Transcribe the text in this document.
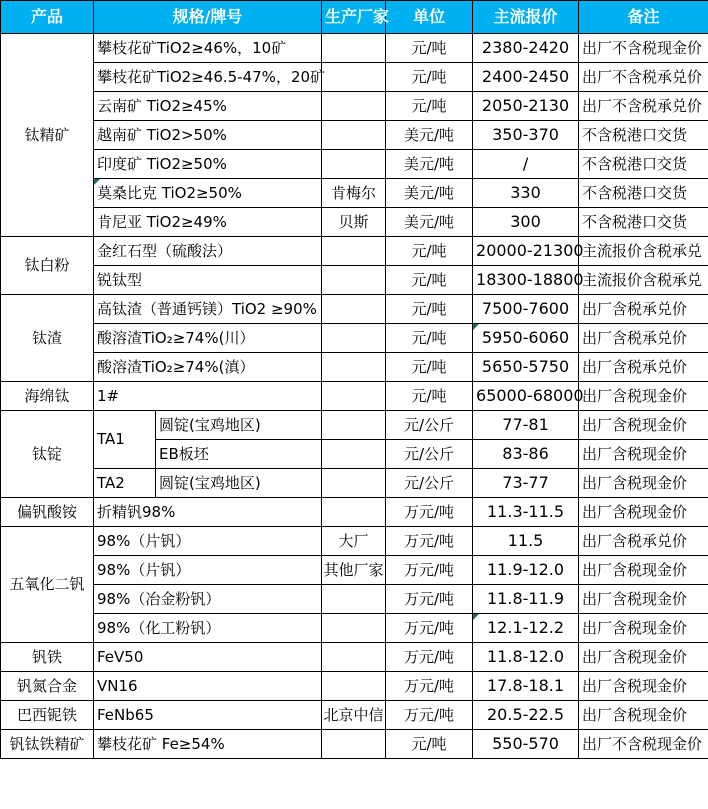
产品	规格/牌号		生产厂家	单位	主流报价	备注
钛精矿	攀枝花矿TiO2≥46%，10矿			元/吨	2380-2420	出厂不含税现金价
	攀枝花矿TiO2≥46.5-47%，20矿			元/吨	2400-2450	出厂不含税承兑价
	云南矿 TiO2≥45%			元/吨	2050-2130	出厂不含税承兑价
	越南矿 TiO2>50%			美元/吨	350-370	不含税港口交货
	印度矿 TiO2≥50%			美元/吨	/	不含税港口交货
	莫桑比克 TiO2≥50%		肯梅尔	美元/吨	330	不含税港口交货
	肯尼亚 TiO2≥49%		贝斯	美元/吨	300	不含税港口交货
钛白粉	金红石型（硫酸法）			元/吨	20000-21300	主流报价含税承兑
	锐钛型			元/吨	18300-18800	主流报价含税承兑
钛渣	高钛渣（普通钙镁）TiO2 ≥90%			元/吨	7500-7600	出厂含税承兑价
	酸溶渣TiO₂≥74%(川）			元/吨	5950-6060	出厂含税承兑价
	酸溶渣TiO₂≥74%(滇）			元/吨	5650-5750	出厂含税承兑价
海绵钛	1#			元/吨	65000-68000	出厂含税现金价
钛锭	TA1	圆锭(宝鸡地区)		元/公斤	77-81	出厂含税现金价
		EB板坯		元/公斤	83-86	出厂含税现金价
	TA2	圆锭(宝鸡地区)		元/公斤	73-77	出厂含税现金价
偏钒酸铵	折精钒98%			万元/吨	11.3-11.5	出厂含税现金价
五氧化二钒	98%（片钒）		大厂	万元/吨	11.5	出厂含税承兑价
	98%（片钒）		其他厂家	万元/吨	11.9-12.0	出厂含税现金价
	98%（冶金粉钒）			万元/吨	11.8-11.9	出厂含税现金价
	98%（化工粉钒）			万元/吨	12.1-12.2	出厂含税现金价
钒铁	FeV50			万元/吨	11.8-12.0	出厂含税现金价
钒氮合金	VN16			万元/吨	17.8-18.1	出厂含税现金价
巴西铌铁	FeNb65		北京中信	万元/吨	20.5-22.5	出厂含税现金价
钒钛铁精矿	攀枝花矿 Fe≥54%			元/吨	550-570	出厂不含税现金价
